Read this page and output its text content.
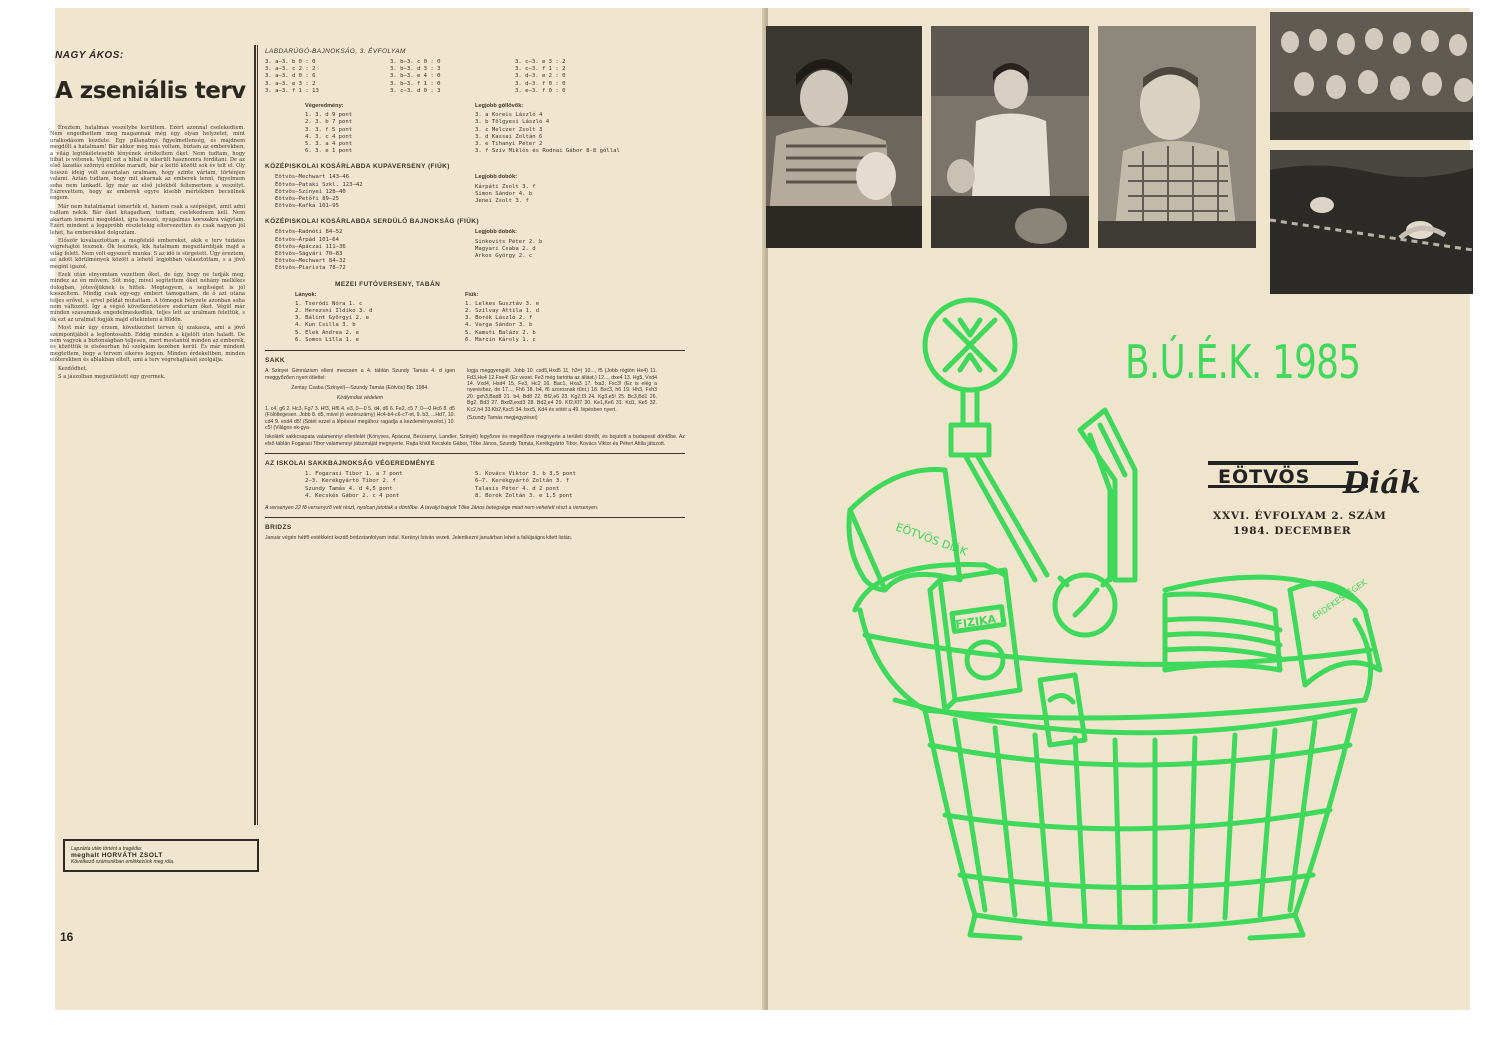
NAGY ÁKOS:
A zseniális terv

Éreztem, hatalmas veszélybe kerültem. Ezért azonnal cselekedtem. Nem engedhettem meg magamnak még egy olyan helyzetet, mint uralkodásom kezdete. Egy pillanatnyi figyelmetlenség, és majdnem megdőlt a hatalmam! Bár akkor még más voltam, bíztam az emberekben, a világ legtökéletesebb lényének értékeltem őket. Nem tudtam, hogy hibát is vétenek. Végül ezt a hibát is sikerült hasznomra fordítani. De az első lázadás szörnyű emléke maradt, bár a kettő között sok év telt el. Oly hosszú ideig volt zavartalan uralmam, hogy szinte vártam, történjen valami. Aztán tudtam, hogy mit akarnak az emberek tenni, figyelmem soha nem lankadt. Így már az első jelekből felismertem a veszélyt. Észrevettem, hogy az emberek egyre kisebb mértékben becsülnek engem.

Már nem hatalmamat ismerték el, hanem csak a szépséget, amit adni tudtam nekik. Bár őket kitagadtam, tudtam, cselekednem kell. Nem akartam ismerni megoldást, újra hosszú, nyugalmas korszakra vágytam. Ezért mindent a legapróbb részletekig eltervezetten és csak nagyon jól lehet, ha emberekkel dolgoztam.

Először kiválasztottam a megfelelő embereket, akik e terv tudatos végrehajtói lesznek. Ők lesznek, kik hatalmam megszilárdítják majd a világ felett. Nem volt egyszerű munka. S az idő is sürgetett. Úgy éreztem, az adott körülmények között a lehető legjobban választottam, s a jövő megint igazol.

Ezek után elnyomtam vezettem őket, de úgy, hogy ne tudják meg, mindez az én művem. Sőt még, mivel segítettem őket néhány mellékes dologban, jótevőjüknek is hittek. Megtegyem, a segítséget is jól kieszeltem. Mindig csak egy-egy embert támogattam, de ő azt utána teljes erővel, s ervel példát mutattam. A tömegek helyzete azonban soha nem változott. Így a végső következtetésre sodortam őket. Végül már minden szavamnak engedelmeskedtek, teljes lett az uralmam felettük, s ők ezt az uralmat fogják majd eltekinteni a földön.

Most már úgy érzem, következhet terven új szakasza, ami a jövő szempontjából a legfontosabb. Eddig minden a kijelölt úton haladt. De nem vagyok a biztonságban teljesen, mert mostantól minden az emberek, és közöttük is elsősorban hű szolgáim kezében kerül. És már mindent megtettem, hogy a tervem sikeres legyen. Minden érdekeltben, minden előterekben és ablakban eltelt, ami a terv végrehajtását szolgálja.

Kezdődhet.

S a jászolban megszületett egy gyermek.

Lapzárta után történt a tragédia:
meghalt HORVÁTH ZSOLT
Következő számunkban emlékezünk meg róla.
16
LABDARÚGÓ-BAJNOKSÁG, 3. ÉVFOLYAM
3. a—3. b 0 : 0	3. b—3. c 0 : 0	3. c—3. e 3 : 2
3. a—3. c 2 : 2	3. b—3. d 3 : 3	3. c—3. f 1 : 2
3. a—3. d 0 : 6	3. b—3. e 4 : 0	3. d—3. e 2 : 0
3. a—3. e 3 : 2	3. b—3. f 1 : 0	3. d—3. f 0 : 0
3. a—3. f 1 : 13	3. c—3. d 0 : 3	3. e—3. f 0 : 0
Végeredmény:
1. 3. d 9 pont
2. 3. b 7 pont
3. 3. f 5 pont
4. 3. c 4 pont
5. 3. a 4 pont
6. 3. e 1 pont
Legjobb góllövők:
3. a Koreis László 4
3. b Tölgyesi László 4
3. c Melczer Zsolt 3
3. d Kassai Zoltán 6
3. e Tihanyi Péter 2
3. f Sziv Miklós és Rodnai Gábor 8-8 góllal
KÖZÉPISKOLAI KOSÁRLABDA KUPAVERSENY (FIÚK)
Eötvös—Mechwart 143—46
Eötvös—Pataki Szkl. 123—42
Eötvös—Szinyei 128—40
Eötvös—Petőfi 89—25
Eötvös—Kafka 101—95
Legjobb dobók:
Kárpáti Zsolt 3. f
Simon Sándor 4. b
Jenei Zsolt 3. f
KÖZÉPISKOLAI KOSÁRLABDA SERDÜLŐ BAJNOKSÁG (FIÚK)
Eötvös—Radnóti 84—52
Eötvös—Árpád 101—64
Eötvös—Apáczai 111—36
Eötvös—Ságvári 70—83
Eötvös—Mechwart 84—32
Eötvös—Piarista 78—72
Legjobb dobók:
Sinkovits Péter 2. b
Magyari Csaba 2. d
Arkos György 2. c
MEZEI FUTÓVERSENY, TABÁN
Lányok:
1. Tseródi Nóra 1. c
2. Herezsni Ildikó 3. d
3. Bálint Györgyi 2. e
4. Kun Csilla 3. b
5. Elek Andrea 2. e
6. Somos Lilla 1. e
Fiúk:
1. Lelkes Gusztáv 3. e
2. Szilvay Attila 1. d
3. Borók László 2. f
4. Varga Sándor 3. b
5. Kamuti Balázs 2. b
6. Marcin Károly 1. c
SAKK
A Szinyei Gimnázium elleni meccsen a 4. táblán Szundy Tamás 4. d igen meggyőzően nyert ötlettel:
Zentay Csaba (Szinyei)—Szundy Tamás (Eötvös) Bp. 1984.
Királyindiai védelem
1. c4, g6 2. Hc3, Fg7 3. Hf3, Hf6 4. e3, 0—0 5. d4, d6 6. Fe2, c5 7. 0—0 Hc6 8. d5 (Fölötlegesen. Jobb 8. d5, mivel jó vezérszárny) Hc4-b4-c6-c7-et, 9. b3, ...Hd7, 10. cd4 9. exd4 d5! (Sötét ezzel a lépéssel megához ragadja a kezdeményezést.) 10. c5! (Világos ek-gya-
logja meggyengült. Jobb 10. cxd5,Hxd5 11. h3=) 10..., f5 (Jobb rögtön He4) 11. Fd3,He4 12.Fxe4! (Ez vezet. Fe3 még tartotta az állást.) 12..., dxe4 13. Hg5, Vxd4 14. Vxd4, Hxd4 15. Fe3, Hc2 16. Bac1, Hxa3 17. fxa3, Fxc3! (Ez is elég a nyeréshez, de 17..., Fh6 18. b4, f6 szorosnak tűnt.) 18. Bxc3, h6 19. Hh3, Fxh3 20. gxh3,Bad8 21. b4, Bd8 22. Bf2,e6 23. Kg2,f3 24. Kg3,e5! 25. Bc3,Bd1 26. Bg2, Bd3 27. Bxd3,exd3 28. Bd2,e4 29. Kf2,Kf7 30. Ke1,Ke6 31. Kd1, Ke5 32. Kc2,h4 33.Kb2,Kxc5 34. bxc5, Kd4 és sötét a 49. lépésben nyert.
(Szundy Tamás megjegyzései)
Iskolánk sakkcsapata valamennyi ellenfelét (Könyves, Apáczai, Berzsenyi, Landler, Szinyei) legyőzve és megelőzve megnyerte a területi döntőt, és bejutott a budapesti döntőbe. Az első táblán Fogarasi Tibor valamennyi játszmáját megnyerte. Rajta kívül Kecskés Gábor, Tőke János, Szundy Tamás, Kerékgyártó Tibor, Kovács Viktor és Péteri Attila játszott.
AZ ISKOLAI SAKKBAJNOKSÁG VÉGEREDMÉNYE
1. Fogarasi Tibor 1. a 7 pont
2—3. Kerékgyártó Tibor 2. f
Szundy Tamás 4. d 4,5 pont
4. Kecskés Gábor 2. c 4 pont
5. Kovács Viktor 3. b 3,5 pont
6—7. Kerékgyártó Zoltán 3. f
Talasis Péter 4. d 2 pont
8. Borók Zoltán 3. e 1,5 pont
A versenyen 22 fő versenyző vett részt, nyolcan jutottak a döntőbe. A tavalyi bajnok Tőke János betegsége miatt nem vehetett részt a versenyen.
BRIDZS
Január végén hétfő estékként kezdő bridzstanfolyam indul. Kerényi István vezeti. Jelentkezni januárban lehet a faliújságra kitett listán.
B.Ú.É.K. 1985
EÖTVÖS Diák
XXVI. ÉVFOLYAM 2. SZÁM
1984. DECEMBER
EÖTVÖS DIÁK
FIZIKA
ÉRDEKESSÉGEK
